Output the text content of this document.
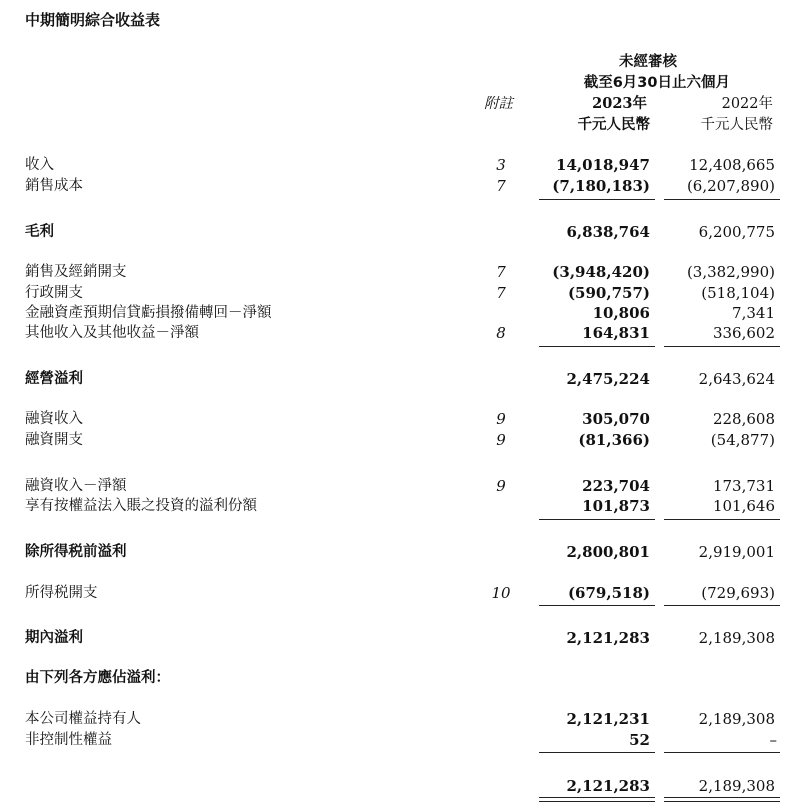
中期簡明綜合收益表
未經審核
截至6月30日止六個月
附註	2023年	2022年
千元人民幣	千元人民幣
收入	3	14,018,947	12,408,665
銷售成本	7	(7,180,183) (6,207,890)
毛利	6,838,764	6,200,775
銷售及經銷開支	7	(3,948,420) (3,382,990)
行政開支	7	(590,757)	(518,104)
金融資產預期信貸虧損撥備轉回－淨額	10,806	7,341
其他收入及其他收益－淨額	8	164,831	336,602
經營溢利	2,475,224	2,643,624
融資收入	9	305,070	228,608
融資開支	9	(81,366)	(54,877)
融資收入－淨額	9	223,704	173,731
享有按權益法入賬之投資的溢利份額	101,873	101,646
除所得税前溢利	2,800,801	2,919,001
所得税開支	10	(679,518)	(729,693)
期內溢利	2,121,283	2,189,308
由下列各方應佔溢利：
本公司權益持有人	2,121,231	2,189,308
非控制性權益	52	–
2,121,283	2,189,308
